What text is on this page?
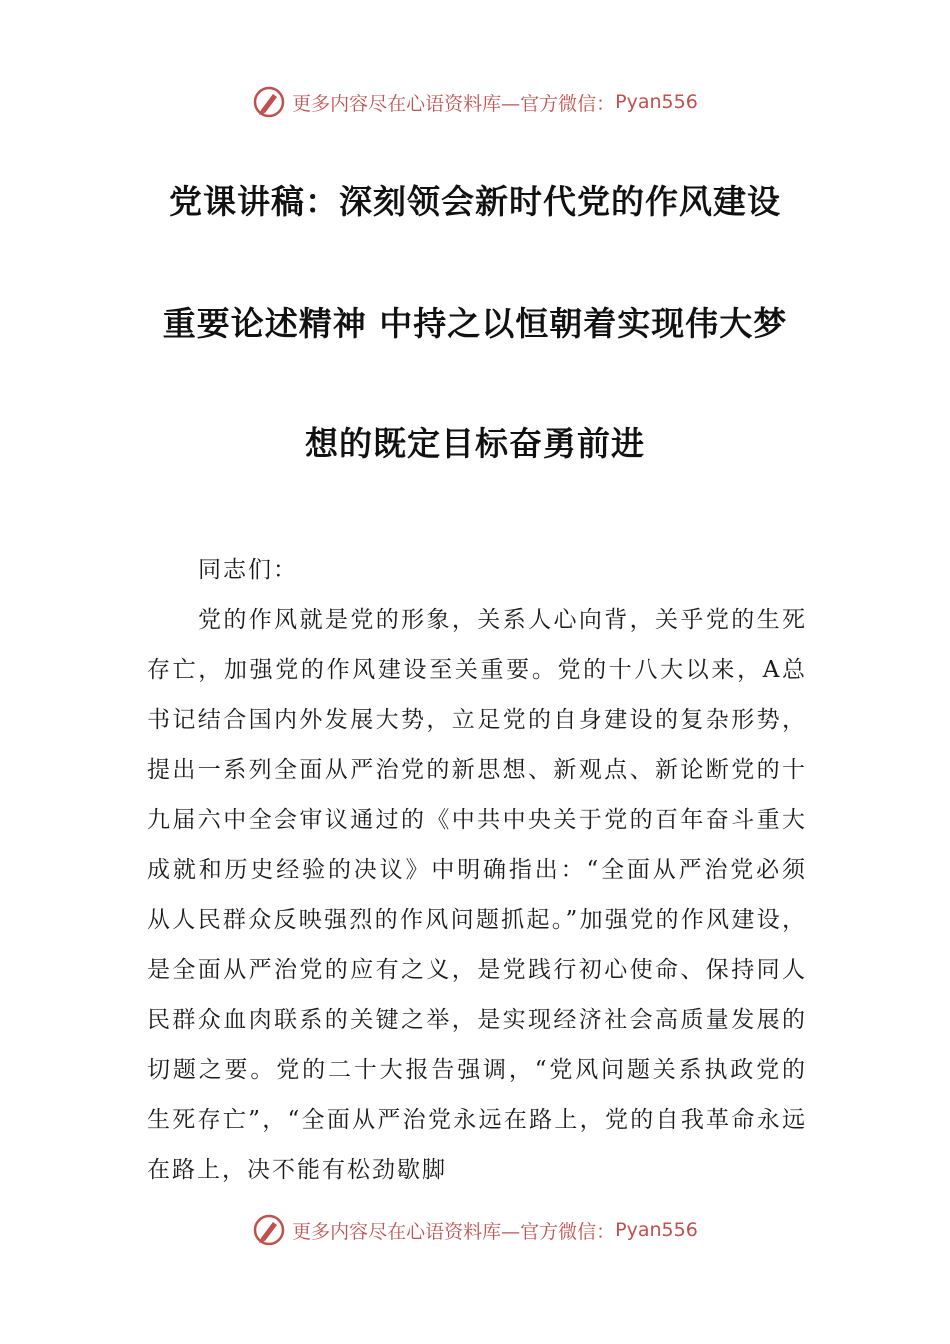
更多内容尽在心语资料库—官方微信： Pyan556
党课讲稿：深刻领会新时代党的作风建设
重要论述精神 中持之以恒朝着实现伟大梦
想的既定目标奋勇前进

同志们：

党的作风就是党的形象，关系人心向背，关乎党的生死存亡，加强党的作风建设至关重要。党的十八大以来，A总书记结合国内外发展大势，立足党的自身建设的复杂形势，提出一系列全面从严治党的新思想、新观点、新论断党的十九届六中全会审议通过的《中共中央关于党的百年奋斗重大成就和历史经验的决议》中明确指出：“全面从严治党必须从人民群众反映强烈的作风问题抓起。”加强党的作风建设，是全面从严治党的应有之义，是党践行初心使命、保持同人民群众血肉联系的关键之举，是实现经济社会高质量发展的切题之要。党的二十大报告强调，“党风问题关系执政党的生死存亡”，“全面从严治党永远在路上，党的自我革命永远在路上，决不能有松劲歇脚

更多内容尽在心语资料库—官方微信： Pyan556
